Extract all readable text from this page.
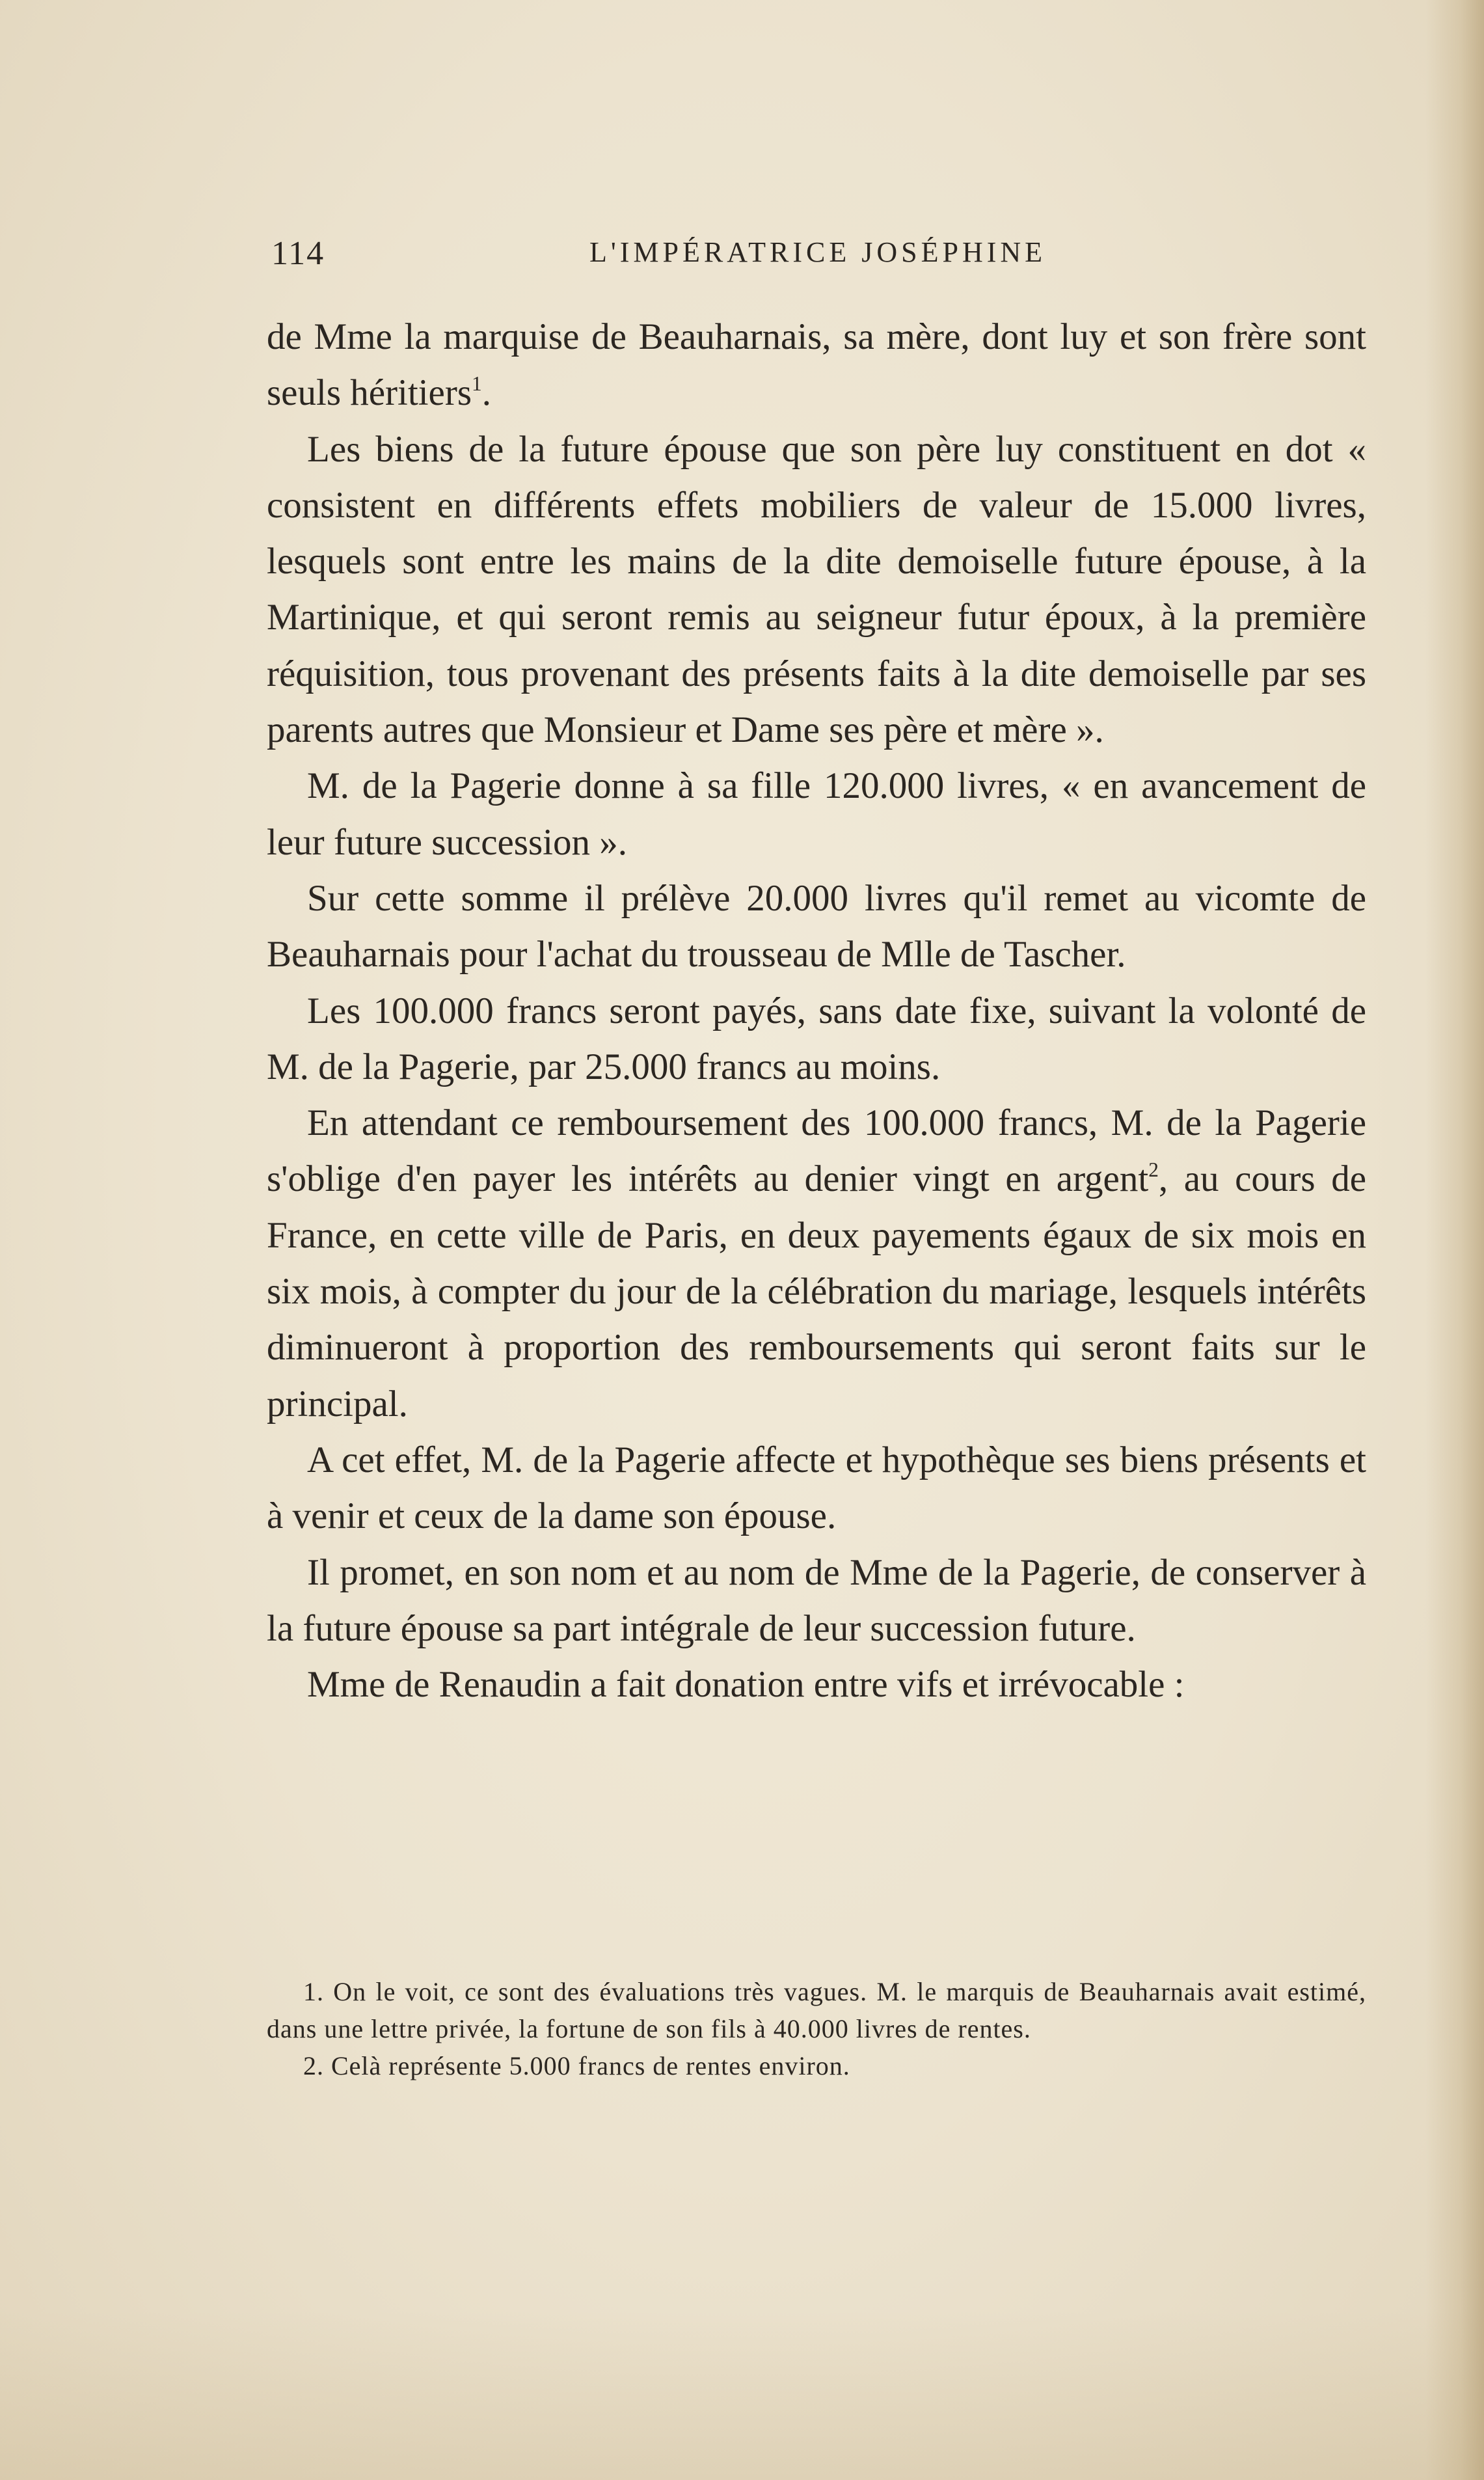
114	L'IMPÉRATRICE JOSÉPHINE

de Mme la marquise de Beauharnais, sa mère, dont luy et son frère sont seuls héritiers$^1$.

Les biens de la future épouse que son père luy constituent en dot « consistent en différents effets mobiliers de valeur de 15.000 livres, lesquels sont entre les mains de la dite demoiselle future épouse, à la Martinique, et qui seront remis au seigneur futur époux, à la première réquisition, tous provenant des présents faits à la dite demoiselle par ses parents autres que Monsieur et Dame ses père et mère ».

M. de la Pagerie donne à sa fille 120.000 livres, « en avancement de leur future succession ».

Sur cette somme il prélève 20.000 livres qu'il remet au vicomte de Beauharnais pour l'achat du trousseau de Mlle de Tascher.

Les 100.000 francs seront payés, sans date fixe, suivant la volonté de M. de la Pagerie, par 25.000 francs au moins.

En attendant ce remboursement des 100.000 francs, M. de la Pagerie s'oblige d'en payer les intérêts au denier vingt en argent$^2$, au cours de France, en cette ville de Paris, en deux payements égaux de six mois en six mois, à compter du jour de la célébration du mariage, lesquels intérêts diminueront à proportion des remboursements qui seront faits sur le principal.

A cet effet, M. de la Pagerie affecte et hypothèque ses biens présents et à venir et ceux de la dame son épouse.

Il promet, en son nom et au nom de Mme de la Pagerie, de conserver à la future épouse sa part intégrale de leur succession future.

Mme de Renaudin a fait donation entre vifs et irrévocable :

1. On le voit, ce sont des évaluations très vagues. M. le marquis de Beauharnais avait estimé, dans une lettre privée, la fortune de son fils à 40.000 livres de rentes.

2. Celà représente 5.000 francs de rentes environ.
